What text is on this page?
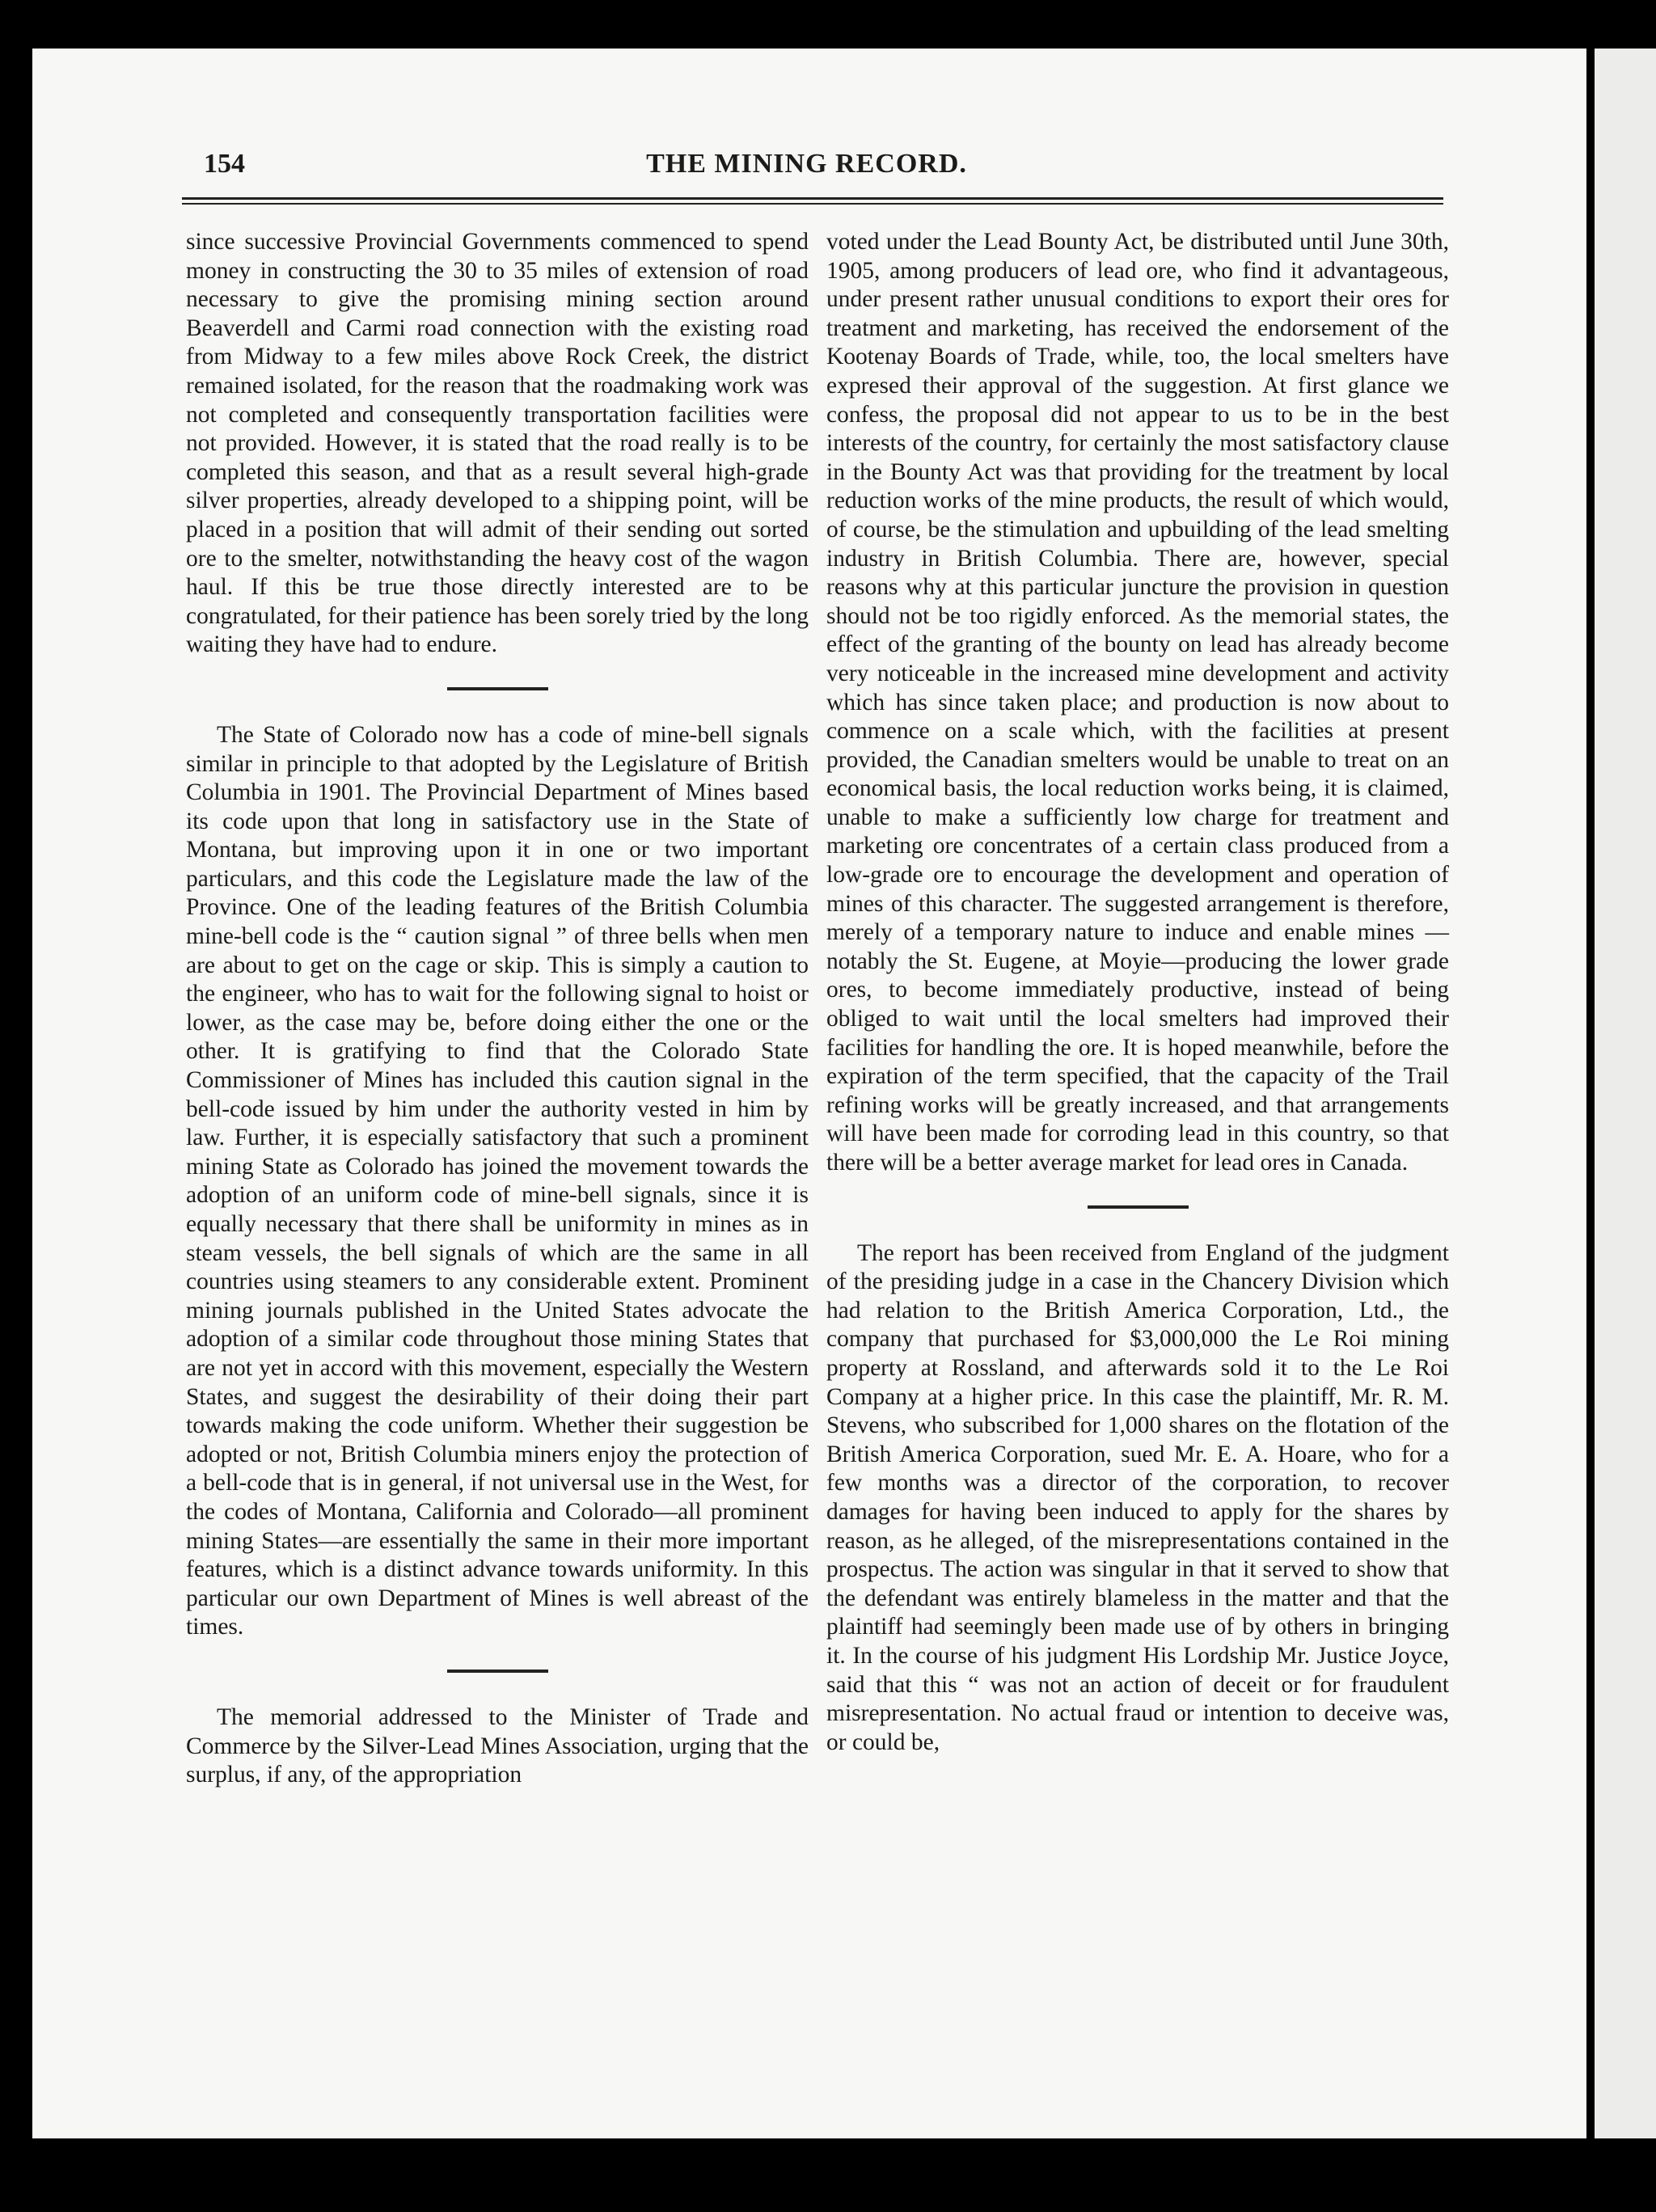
154	THE MINING RECORD.

since successive Provincial Governments commenced to spend money in constructing the 30 to 35 miles of extension of road necessary to give the promising mining section around Beaverdell and Carmi road connection with the existing road from Midway to a few miles above Rock Creek, the district remained isolated, for the reason that the roadmaking work was not completed and consequently transportation facilities were not provided. However, it is stated that the road really is to be completed this season, and that as a result several high-grade silver properties, already developed to a shipping point, will be placed in a position that will admit of their sending out sorted ore to the smelter, notwithstanding the heavy cost of the wagon haul. If this be true those directly interested are to be congratulated, for their patience has been sorely tried by the long waiting they have had to endure.

The State of Colorado now has a code of mine-bell signals similar in principle to that adopted by the Legislature of British Columbia in 1901. The Provincial Department of Mines based its code upon that long in satisfactory use in the State of Montana, but improving upon it in one or two important particulars, and this code the Legislature made the law of the Province. One of the leading features of the British Columbia mine-bell code is the “ caution signal ” of three bells when men are about to get on the cage or skip. This is simply a caution to the engineer, who has to wait for the following signal to hoist or lower, as the case may be, before doing either the one or the other. It is gratifying to find that the Colorado State Commissioner of Mines has included this caution signal in the bell-code issued by him under the authority vested in him by law. Further, it is especially satisfactory that such a prominent mining State as Colorado has joined the movement towards the adoption of an uniform code of mine-bell signals, since it is equally necessary that there shall be uniformity in mines as in steam vessels, the bell signals of which are the same in all countries using steamers to any considerable extent. Prominent mining journals published in the United States advocate the adoption of a similar code throughout those mining States that are not yet in accord with this movement, especially the Western States, and suggest the desirability of their doing their part towards making the code uniform. Whether their suggestion be adopted or not, British Columbia miners enjoy the protection of a bell-code that is in general, if not universal use in the West, for the codes of Montana, California and Colorado—all prominent mining States—are essentially the same in their more important features, which is a distinct advance towards uniformity. In this particular our own Department of Mines is well abreast of the times.

The memorial addressed to the Minister of Trade and Commerce by the Silver-Lead Mines Association, urging that the surplus, if any, of the appropriation

voted under the Lead Bounty Act, be distributed until June 30th, 1905, among producers of lead ore, who find it advantageous, under present rather unusual conditions to export their ores for treatment and marketing, has received the endorsement of the Kootenay Boards of Trade, while, too, the local smelters have expresed their approval of the suggestion. At first glance we confess, the proposal did not appear to us to be in the best interests of the country, for certainly the most satisfactory clause in the Bounty Act was that providing for the treatment by local reduction works of the mine products, the result of which would, of course, be the stimulation and upbuilding of the lead smelting industry in British Columbia. There are, however, special reasons why at this particular juncture the provision in question should not be too rigidly enforced. As the memorial states, the effect of the granting of the bounty on lead has already become very noticeable in the increased mine development and activity which has since taken place; and production is now about to commence on a scale which, with the facilities at present provided, the Canadian smelters would be unable to treat on an economical basis, the local reduction works being, it is claimed, unable to make a sufficiently low charge for treatment and marketing ore concentrates of a certain class produced from a low-grade ore to encourage the development and operation of mines of this character. The suggested arrangement is therefore, merely of a temporary nature to induce and enable mines — notably the St. Eugene, at Moyie—producing the lower grade ores, to become immediately productive, instead of being obliged to wait until the local smelters had improved their facilities for handling the ore. It is hoped meanwhile, before the expiration of the term specified, that the capacity of the Trail refining works will be greatly increased, and that arrangements will have been made for corroding lead in this country, so that there will be a better average market for lead ores in Canada.

The report has been received from England of the judgment of the presiding judge in a case in the Chancery Division which had relation to the British America Corporation, Ltd., the company that purchased for $3,000,000 the Le Roi mining property at Rossland, and afterwards sold it to the Le Roi Company at a higher price. In this case the plaintiff, Mr. R. M. Stevens, who subscribed for 1,000 shares on the flotation of the British America Corporation, sued Mr. E. A. Hoare, who for a few months was a director of the corporation, to recover damages for having been induced to apply for the shares by reason, as he alleged, of the misrepresentations contained in the prospectus. The action was singular in that it served to show that the defendant was entirely blameless in the matter and that the plaintiff had seemingly been made use of by others in bringing it. In the course of his judgment His Lordship Mr. Justice Joyce, said that this “ was not an action of deceit or for fraudulent misrepresentation. No actual fraud or intention to deceive was, or could be,
